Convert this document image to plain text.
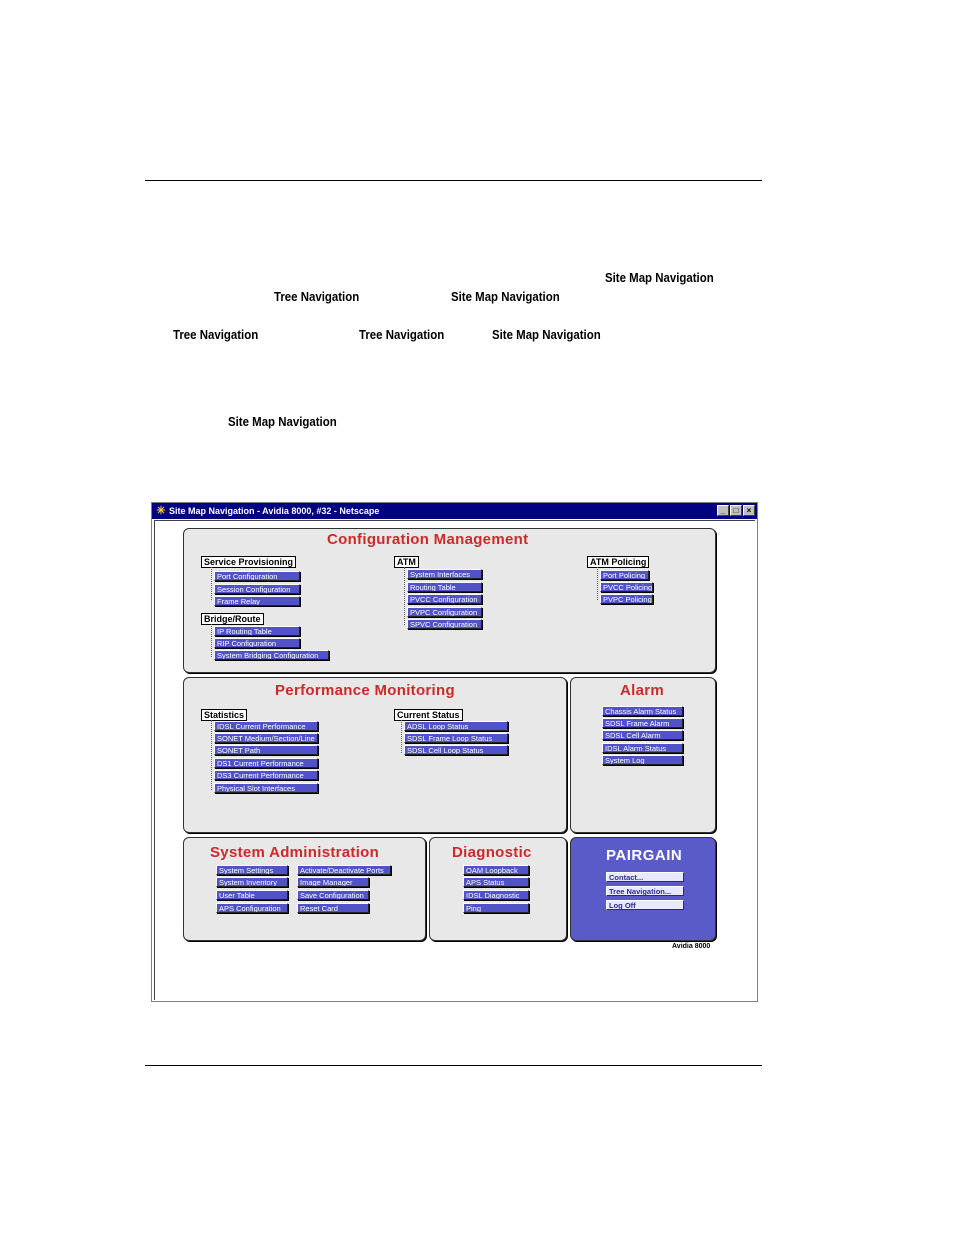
Site Map Navigation
Tree Navigation	Site Map Navigation
Tree Navigation	Tree Navigation	Site Map Navigation
Site Map Navigation
✳ Site Map Navigation - Avidia 8000, #32 - Netscape	_	□	×
Configuration Management
Service Provisioning
Port Configuration
Session Configuration
Frame Relay
Bridge/Route
IP Routing Table
RIP Configuration
System Bridging Configuration
ATM
System Interfaces
Routing Table
PVCC Configuration
PVPC Configuration
SPVC Configuration
ATM Policing
Port Policing
PVCC Policing
PVPC Policing
Performance Monitoring
Statistics
IDSL Current Performance
SONET Medium/Section/Line
SONET Path
DS1 Current Performance
DS3 Current Performance
Physical Slot Interfaces
Current Status
ADSL Loop Status
SDSL Frame Loop Status
SDSL Cell Loop Status
Alarm
Chassis Alarm Status
SDSL Frame Alarm
SDSL Cell Alarm
IDSL Alarm Status
System Log
System Administration
System Settings
System Inventory
User Table
APS Configuration
Activate/Deactivate Ports
Image Manager
Save Configuration
Reset Card
Diagnostic
OAM Loopback
APS Status
IDSL Diagnostic
Ping
PAIRGAIN
Contact...
Tree Navigation...
Log Off
Avidia 8000
